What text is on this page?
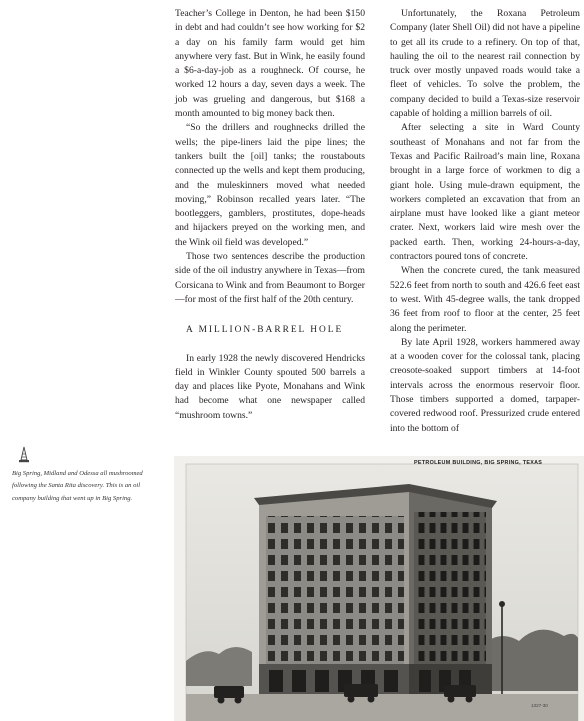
Teacher’s College in Denton, he had been $150 in debt and had couldn’t see how working for $2 a day on his family farm would get him anywhere very fast. But in Wink, he easily found a $6-a-day-job as a roughneck. Of course, he worked 12 hours a day, seven days a week. The job was grueling and dangerous, but $168 a month amounted to big money back then.

“So the drillers and roughnecks drilled the wells; the pipe-liners laid the pipe lines; the tankers built the [oil] tanks; the roustabouts connected up the wells and kept them producing, and the muleskinners moved what needed moving,” Robinson recalled years later. “The bootleggers, gamblers, prostitutes, dope-heads and hijackers preyed on the working men, and the Wink oil field was developed.”

Those two sentences describe the production side of the oil industry anywhere in Texas—from Corsicana to Wink and from Beaumont to Borger—for most of the first half of the 20th century.

A MILLION-BARREL HOLE

In early 1928 the newly discovered Hendricks field in Winkler County spouted 500 barrels a day and places like Pyote, Monahans and Wink had become what one newspaper called “mushroom towns.”

Unfortunately, the Roxana Petroleum Company (later Shell Oil) did not have a pipeline to get all its crude to a refinery. On top of that, hauling the oil to the nearest rail connection by truck over mostly unpaved roads would take a fleet of vehicles. To solve the problem, the company decided to build a Texas-size reservoir capable of holding a million barrels of oil.

After selecting a site in Ward County southeast of Monahans and not far from the Texas and Pacific Railroad’s main line, Roxana brought in a large force of workmen to dig a giant hole. Using mule-drawn equipment, the workers completed an excavation that from an airplane must have looked like a giant meteor crater. Next, workers laid wire mesh over the packed earth. Then, working 24-hours-a-day, contractors poured tons of concrete.

When the concrete cured, the tank measured 522.6 feet from north to south and 426.6 feet east to west. With 45-degree walls, the tank dropped 36 feet from roof to floor at the center, 25 feet along the perimeter.

By late April 1928, workers hammered away at a wooden cover for the colossal tank, placing creosote-soaked support timbers at 14-foot intervals across the enormous reservoir floor. Those timbers supported a domed, tarpaper-covered redwood roof. Pressurized crude entered into the bottom of

Big Spring, Midland and Odessa all mushroomed following the Santa Rita discovery. This is an oil company building that went up in Big Spring.
PETROLEUM BUILDING, BIG SPRING, TEXAS
1327-30
